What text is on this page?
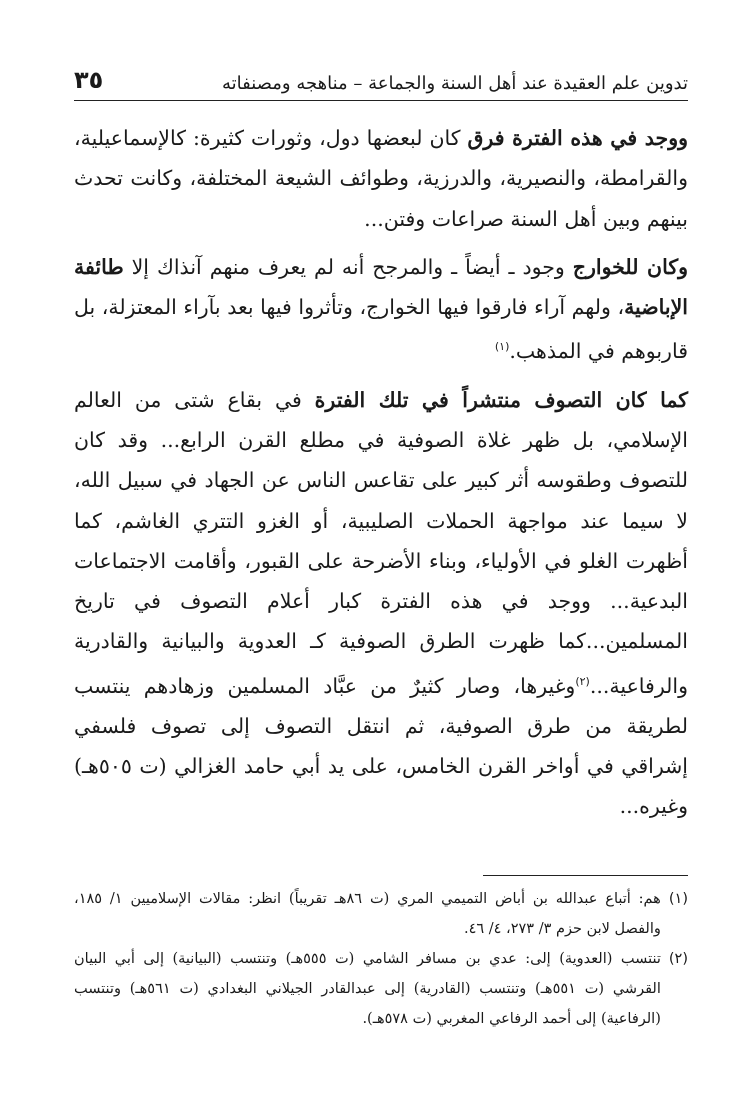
تدوين علم العقيدة عند أهل السنة والجماعة – مناهجه ومصنفاته
٣٥

ووجد في هذه الفترة فرق كان لبعضها دول، وثورات كثيرة: كالإسماعيلية، والقرامطة، والنصيرية، والدرزية، وطوائف الشيعة المختلفة، وكانت تحدث بينهم وبين أهل السنة صراعات وفتن...

وكان للخوارج وجود ـ أيضاً ـ والمرجح أنه لم يعرف منهم آنذاك إلا طائفة الإباضية، ولهم آراء فارقوا فيها الخوارج، وتأثروا فيها بعد بآراء المعتزلة، بل قاربوهم في المذهب.$^{(١)}$

كما كان التصوف منتشراً في تلك الفترة في بقاع شتى من العالم الإسلامي، بل ظهر غلاة الصوفية في مطلع القرن الرابع... وقد كان للتصوف وطقوسه أثر كبير على تقاعس الناس عن الجهاد في سبيل الله، لا سيما عند مواجهة الحملات الصليبية، أو الغزو التتري الغاشم، كما أظهرت الغلو في الأولياء، وبناء الأضرحة على القبور، وأقامت الاجتماعات البدعية... ووجد في هذه الفترة كبار أعلام التصوف في تاريخ المسلمين...كما ظهرت الطرق الصوفية كـ العدوية والبيانية والقادرية والرفاعية...$^{(٢)}$وغيرها، وصار كثيرٌ من عبَّاد المسلمين وزهادهم ينتسب لطريقة من طرق الصوفية، ثم انتقل التصوف إلى تصوف فلسفي إشراقي في أواخر القرن الخامس، على يد أبي حامد الغزالي (ت ٥٠٥هـ) وغيره...

(١)
هم: أتباع عبدالله بن أباض التميمي المري (ت ٨٦هـ تقريباً) انظر: مقالات الإسلاميين ١/ ١٨٥، والفصل لابن حزم ٣/ ٢٧٣، ٤/ ٤٦.

(٢)
تنتسب (العدوية) إلى: عدي بن مسافر الشامي (ت ٥٥٥هـ) وتنتسب (البيانية) إلى أبي البيان القرشي (ت ٥٥١هـ) وتنتسب (القادرية) إلى عبدالقادر الجيلاني البغدادي (ت ٥٦١هـ) وتنتسب (الرفاعية) إلى أحمد الرفاعي المغربي (ت ٥٧٨هـ).
